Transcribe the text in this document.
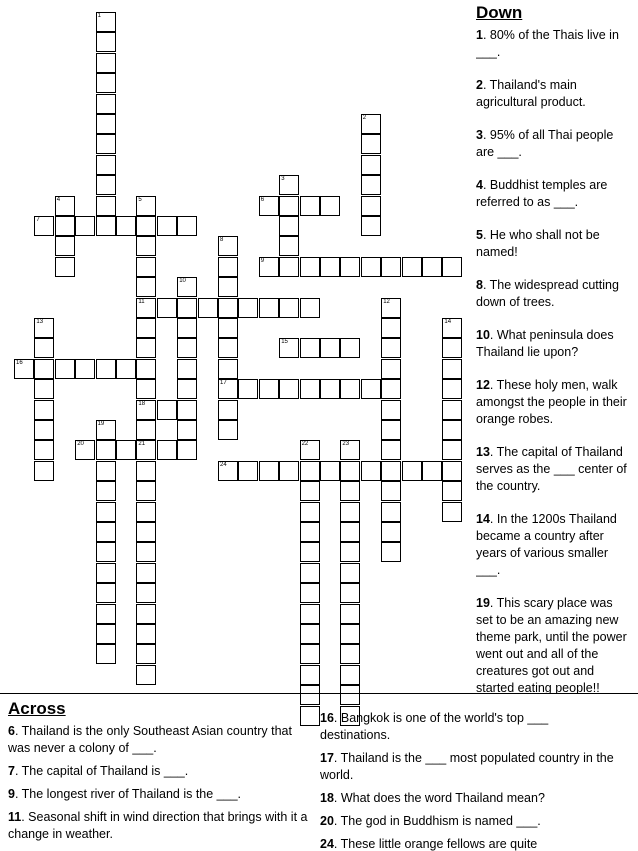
1
2
3
4	5
11
18
6
7
8
17
9
10
12
13	14
15
16
19
20	21	22	23
24
Down
1. 80% of the Thais live in ___.
2. Thailand's main agricultural product.
3. 95% of all Thai people are ___.
4. Buddhist temples are referred to as ___.
5. He who shall not be named!
8. The widespread cutting down of trees.
10. What peninsula does Thailand lie upon?
12. These holy men, walk amongst the people in their orange robes.
13. The capital of Thailand serves as the ___ center of the country.
14. In the 1200s Thailand became a country after years of various smaller ___.
19. This scary place was set to be an amazing new theme park, until the power went out and all of the creatures got out and started eating people!!
Across
6. Thailand is the only Southeast Asian country that was never a colony of ___.
7. The capital of Thailand is ___.
9. The longest river of Thailand is the ___.
11. Seasonal shift in wind direction that brings with it a change in weather.
16. Bangkok is one of the world's top ___ destinations.
17. Thailand is the ___ most populated country in the world.
18. What does the word Thailand mean?
20. The god in Buddhism is named ___.
24. These little orange fellows are quite
